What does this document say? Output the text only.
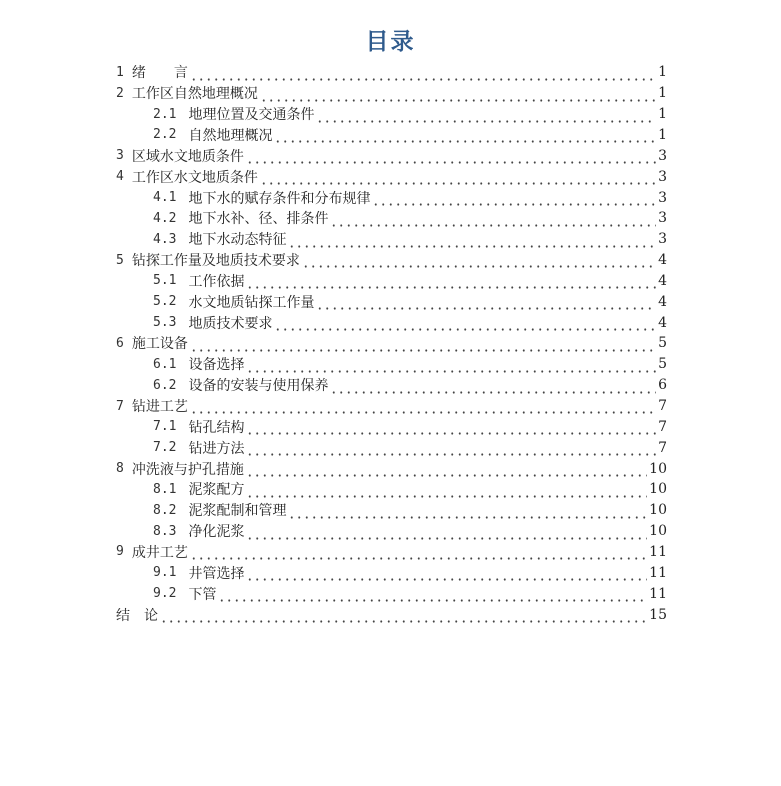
目录
1 绪　　言	1
2 工作区自然地理概况	1
2.1 地理位置及交通条件	1
2.2 自然地理概况	1
3 区域水文地质条件	3
4 工作区水文地质条件	3
4.1 地下水的赋存条件和分布规律	3
4.2 地下水补、径、排条件	3
4.3 地下水动态特征	3
5 钻探工作量及地质技术要求	4
5.1 工作依据	4
5.2 水文地质钻探工作量	4
5.3 地质技术要求	4
6 施工设备	5
6.1 设备选择	5
6.2 设备的安装与使用保养	6
7 钻进工艺	7
7.1 钻孔结构	7
7.2 钻进方法	7
8 冲洗液与护孔措施	10
8.1 泥浆配方	10
8.2 泥浆配制和管理	10
8.3 净化泥浆	10
9 成井工艺	11
9.1 井管选择	11
9.2 下管	11
结　论	15
